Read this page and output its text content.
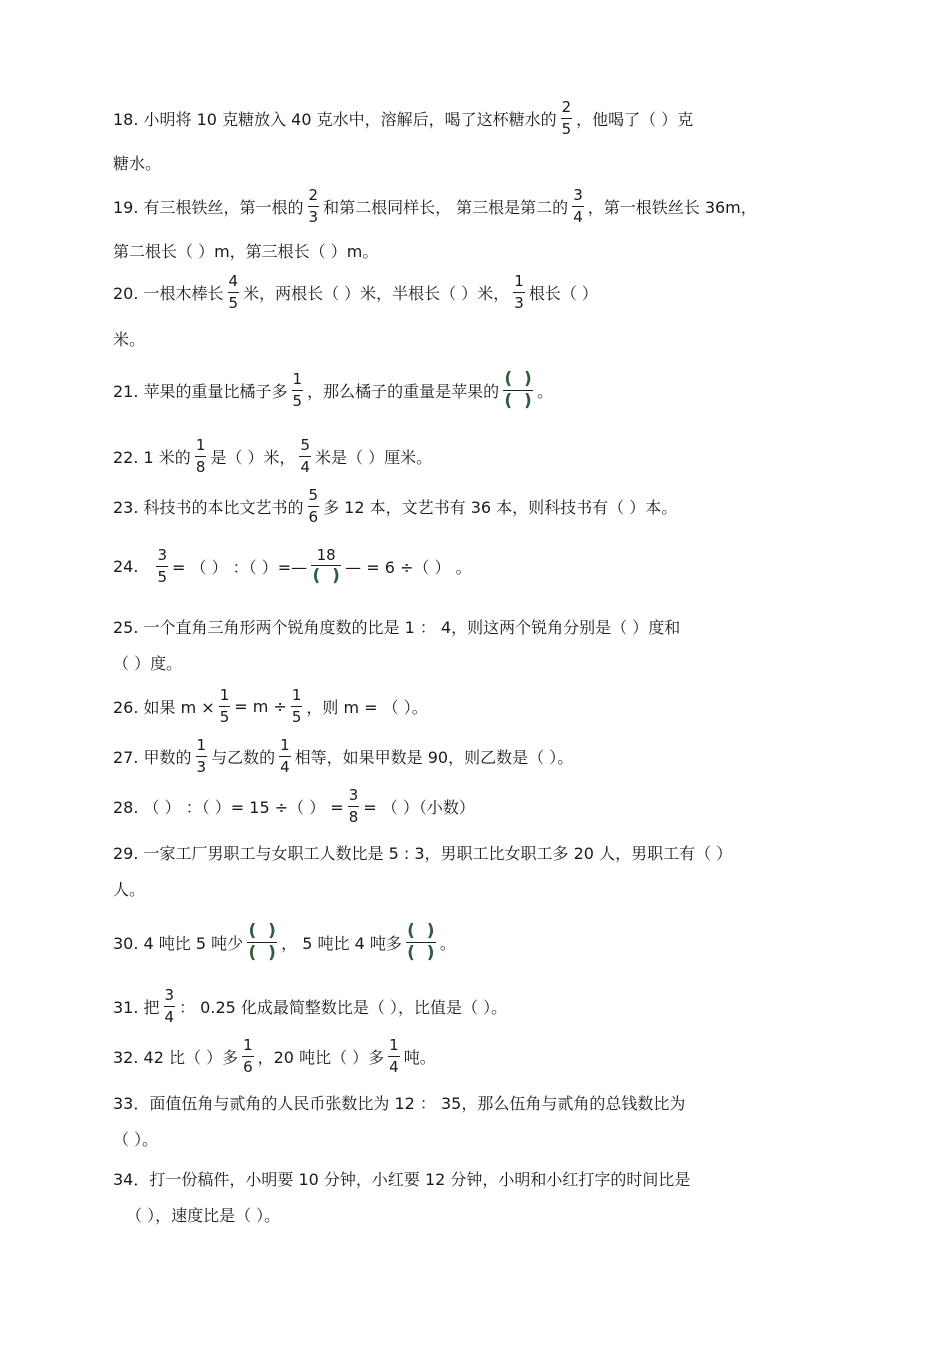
18. 小明将 10 克糖放入 40 克水中，溶解后，喝了这杯糖水的 $\frac{2}{5}$ ，他喝了（ ）克
糖水。
19. 有三根铁丝，第一根的 $\frac{2}{3}$ 和第二根同样长， 第三根是第二的 $\frac{3}{4}$ ，第一根铁丝长 36m，
第二根长（ ）m，第三根长（ ）m。
20. 一根木棒长 $\frac{4}{5}$ 米，两根长（ ）米，半根长（ ）米， $\frac{1}{3}$ 根长（ ）
米。
21. 苹果的重量比橘子多 $\frac{1}{5}$ ，那么橘子的重量是苹果的 $\frac{( )}{( )}$ 。
22. 1 米的 $\frac{1}{8}$ 是（ ）米， $\frac{5}{4}$ 米是（ ）厘米。
23. 科技书的本比文艺书的 $\frac{5}{6}$ 多 12 本，文艺书有 36 本，则科技书有（ ）本。
24. $\frac{3}{5}$ = （ ） ：（ ）=— $\frac{18}{( )}$ — = 6 ÷（ ） 。
25. 一个直角三角形两个锐角度数的比是 1 ： 4，则这两个锐角分别是（ ）度和
（ ）度。
26. 如果 $m \times \frac{1}{5} = m \div \frac{1}{5}$ ，则 m = （ ）。
27. 甲数的 $\frac{1}{3}$ 与乙数的 $\frac{1}{4}$ 相等，如果甲数是 90，则乙数是（ ）。
28. （ ） ：（ ）= 15 ÷（ ） = $\frac{3}{8}$ = （ ）（小数）
29. 一家工厂男职工与女职工人数比是 5 : 3，男职工比女职工多 20 人，男职工有（ ）
人。
30. 4 吨比 5 吨少 $\frac{( )}{( )}$ ， 5 吨比 4 吨多 $\frac{( )}{( )}$ 。
31. 把 $\frac{3}{4}$ ： 0.25 化成最简整数比是（ ），比值是（ ）。
32. 42 比（ ）多 $\frac{1}{6}$ ，20 吨比（ ）多 $\frac{1}{4}$ 吨。
33．面值伍角与贰角的人民币张数比为 12 ： 35，那么伍角与贰角的总钱数比为
（ ）。
34．打一份稿件，小明要 10 分钟，小红要 12 分钟，小明和小红打字的时间比是
（ ），速度比是（ ）。
